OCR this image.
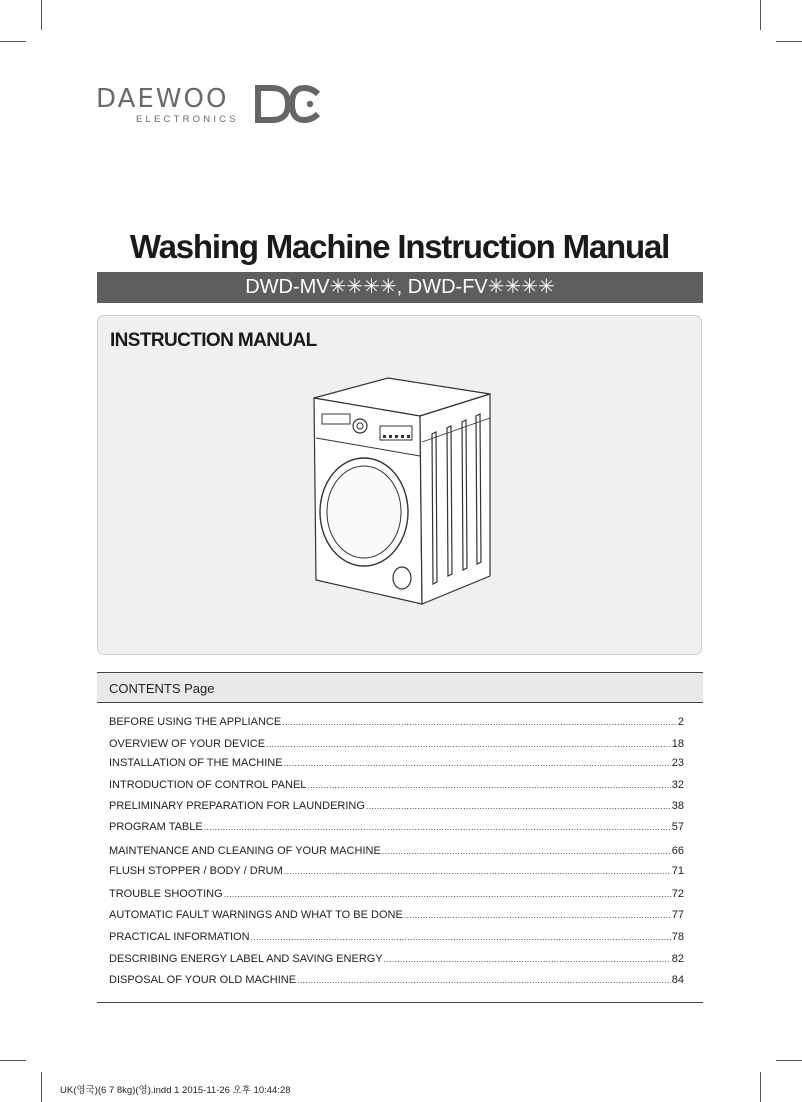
DAEWOO
ELECTRONICS
Washing Machine Instruction Manual
DWD-MV✳✳✳✳, DWD-FV✳✳✳✳
INSTRUCTION MANUAL
CONTENTS Page
BEFORE USING THE APPLIANCE .....	2
OVERVIEW OF YOUR DEVICE .....	18
INSTALLATION OF THE MACHINE .....	23
INTRODUCTION OF CONTROL PANEL .....	32
PRELIMINARY PREPARATION FOR LAUNDERING .....	38
PROGRAM TABLE .....	57
MAINTENANCE AND CLEANING OF YOUR MACHINE .....	66
FLUSH STOPPER / BODY / DRUM .....	71
TROUBLE SHOOTING .....	72
AUTOMATIC FAULT WARNINGS AND WHAT TO BE DONE .....	77
PRACTICAL INFORMATION .....	78
DESCRIBING ENERGY LABEL AND SAVING ENERGY .....	82
DISPOSAL OF YOUR OLD MACHINE .....	84
UK(영국)(6 7 8kg)(영).indd 1 2015-11-26 오후 10:44:28
